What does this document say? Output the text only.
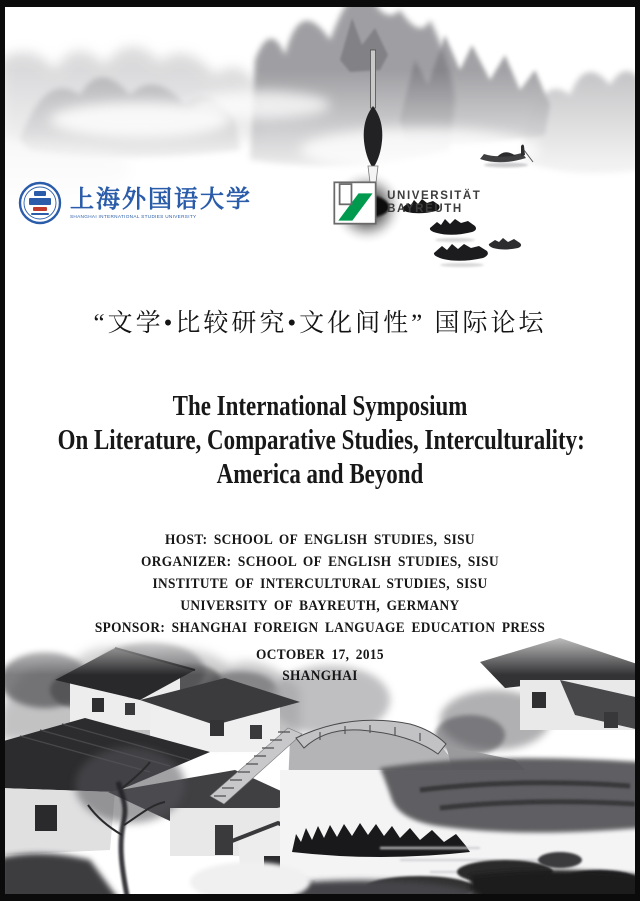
上海外国语大学
SHANGHAI INTERNATIONAL STUDIES UNIVERSITY
UNIVERSITÄT
BAYREUTH
“文学•比较研究•文化间性” 国际论坛
The International Symposium
On Literature, Comparative Studies, Interculturality:
America and Beyond
HOST: SCHOOL OF ENGLISH STUDIES, SISU
ORGANIZER: SCHOOL OF ENGLISH STUDIES, SISU
INSTITUTE OF INTERCULTURAL STUDIES, SISU
UNIVERSITY OF BAYREUTH, GERMANY
SPONSOR: SHANGHAI FOREIGN LANGUAGE EDUCATION PRESS
OCTOBER 17, 2015
SHANGHAI
